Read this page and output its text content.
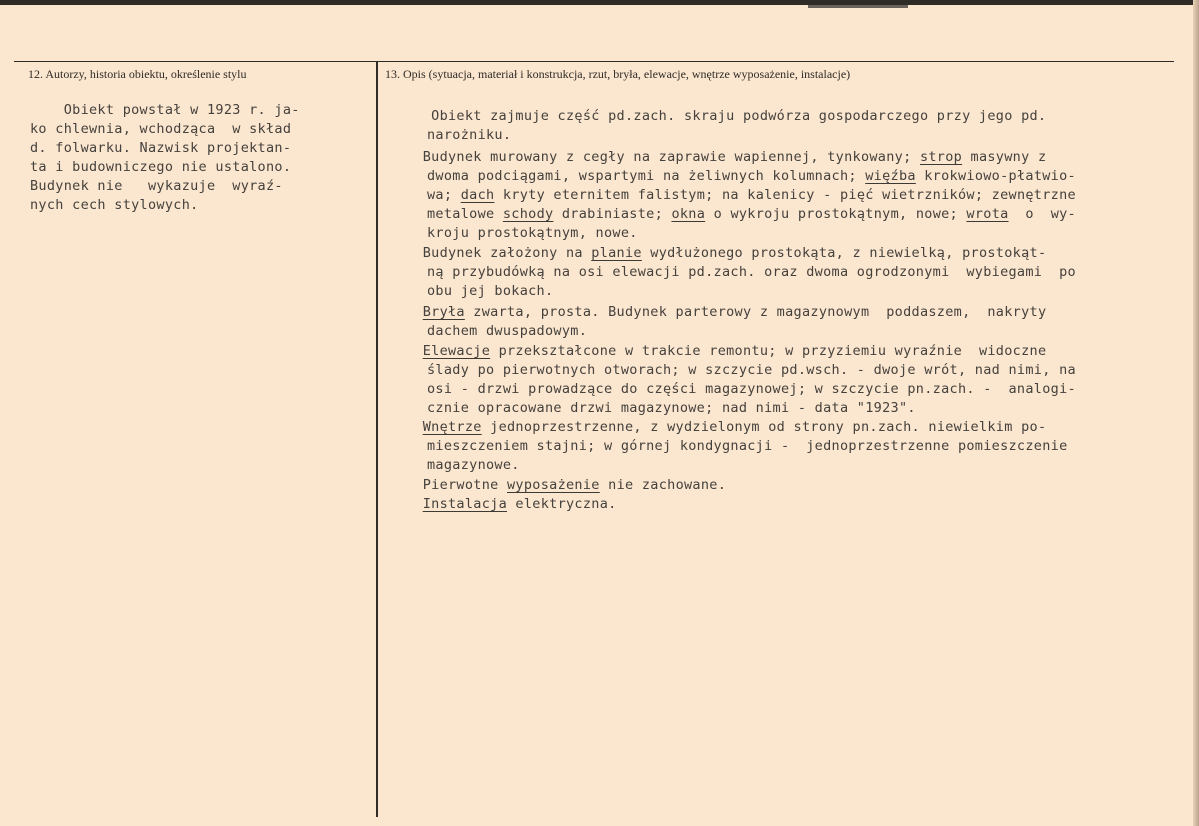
12. Autorzy, historia obiektu, określenie stylu	13. Opis (sytuacja, materiał i konstrukcja, rzut, bryła, elewacje, wnętrze wyposażenie, instalacje)
Obiekt powstał w 1923 r. ja-
ko chlewnia, wchodząca  w skład
d. folwarku. Nazwisk projektan-
ta i budowniczego nie ustalono.
Budynek nie   wykazuje  wyraź-
nych cech stylowych.
Obiekt zajmuje część pd.zach. skraju podwórza gospodarczego przy jego pd.
narożniku.
Budynek murowany z cegły na zaprawie wapiennej, tynkowany; strop masywny z
dwoma podciągami, wspartymi na żeliwnych kolumnach; więźba krokwiowo-płatwio-
wa; dach kryty eternitem falistym; na kalenicy - pięć wietrzników; zewnętrzne
metalowe schody drabiniaste; okna o wykroju prostokątnym, nowe; wrota  o  wy-
kroju prostokątnym, nowe.
Budynek założony na planie wydłużonego prostokąta, z niewielką, prostokąt-
ną przybudówką na osi elewacji pd.zach. oraz dwoma ogrodzonymi  wybiegami  po
obu jej bokach.
Bryła zwarta, prosta. Budynek parterowy z magazynowym  poddaszem,  nakryty
dachem dwuspadowym.
Elewacje przekształcone w trakcie remontu; w przyziemiu wyraźnie  widoczne
ślady po pierwotnych otworach; w szczycie pd.wsch. - dwoje wrót, nad nimi, na
osi - drzwi prowadzące do części magazynowej; w szczycie pn.zach. -  analogi-
cznie opracowane drzwi magazynowe; nad nimi - data "1923".
Wnętrze jednoprzestrzenne, z wydzielonym od strony pn.zach. niewielkim po-
mieszczeniem stajni; w górnej kondygnacji -  jednoprzestrzenne pomieszczenie
magazynowe.
Pierwotne wyposażenie nie zachowane.
Instalacja elektryczna.
